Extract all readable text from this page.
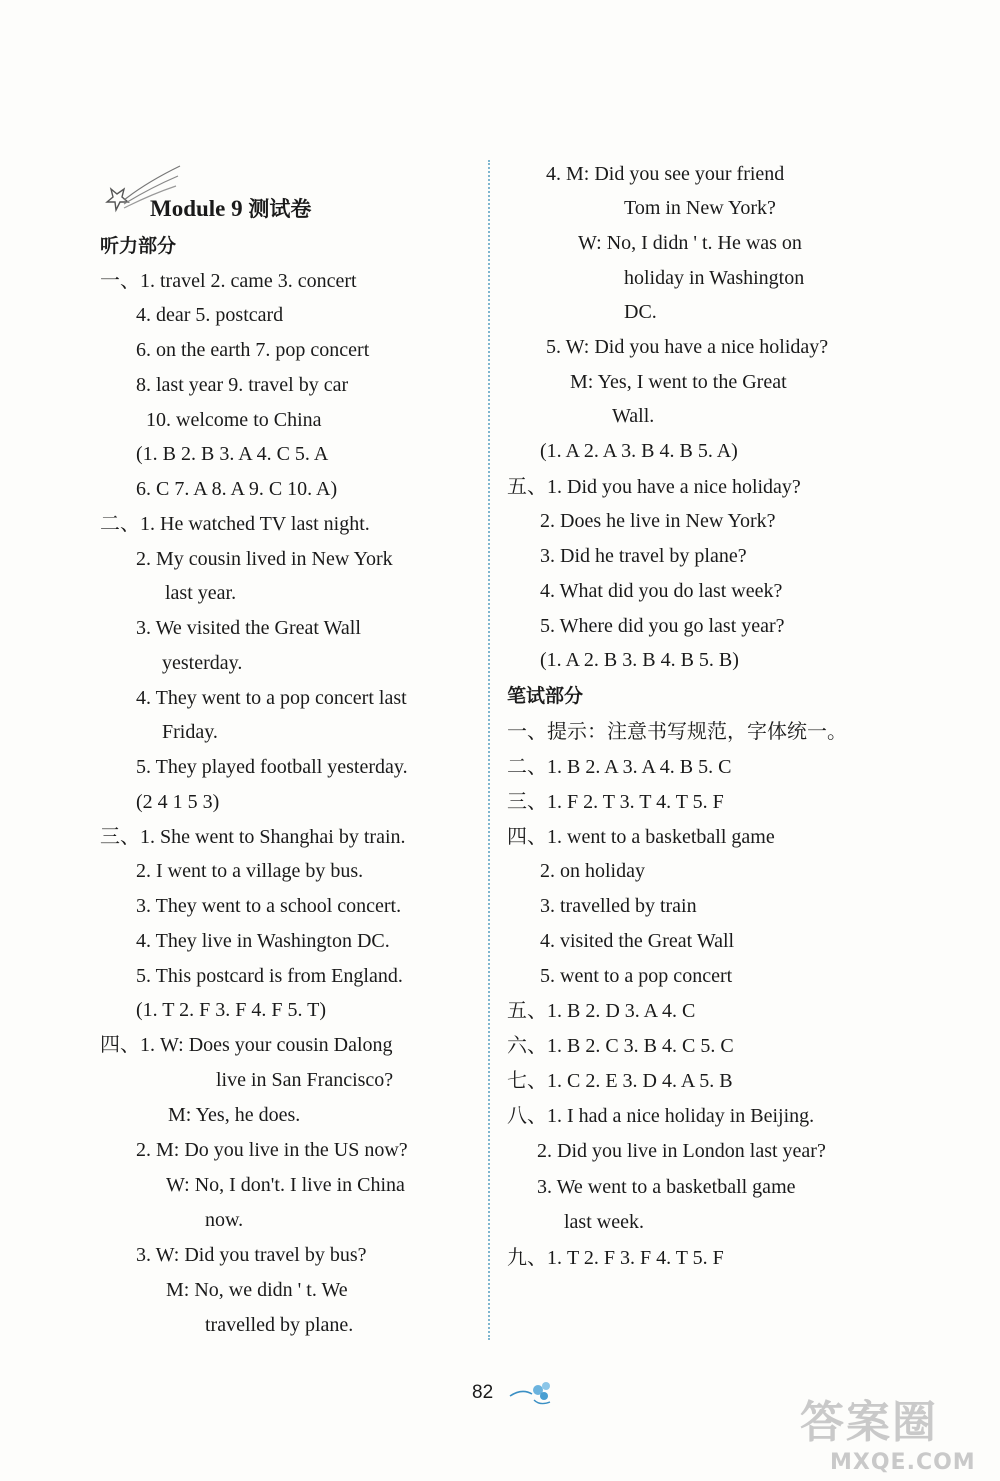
Module 9 测试卷
听力部分
一、1. travel 2. came 3. concert
4. dear 5. postcard
6. on the earth 7. pop concert
8. last year 9. travel by car
10. welcome to China
(1. B 2. B 3. A 4. C 5. A
6. C 7. A 8. A 9. C 10. A)
二、1. He watched TV last night.
2. My cousin lived in New York
last year.
3. We visited the Great Wall
yesterday.
4. They went to a pop concert last
Friday.
5. They played football yesterday.
(2 4 1 5 3)
三、1. She went to Shanghai by train.
2. I went to a village by bus.
3. They went to a school concert.
4. They live in Washington DC.
5. This postcard is from England.
(1. T 2. F 3. F 4. F 5. T)
四、1. W: Does your cousin Dalong
live in San Francisco?
M: Yes, he does.
2. M: Do you live in the US now?
W: No, I don't. I live in China
now.
3. W: Did you travel by bus?
M: No, we didn ' t. We
travelled by plane.
4. M: Did you see your friend
Tom in New York?
W: No, I didn ' t. He was on
holiday in Washington
DC.
5. W: Did you have a nice holiday?
M: Yes, I went to the Great
Wall.
(1. A 2. A 3. B 4. B 5. A)
五、1. Did you have a nice holiday?
2. Does he live in New York?
3. Did he travel by plane?
4. What did you do last week?
5. Where did you go last year?
(1. A 2. B 3. B 4. B 5. B)
笔试部分
一、提示：注意书写规范，字体统一。
二、1. B 2. A 3. A 4. B 5. C
三、1. F 2. T 3. T 4. T 5. F
四、1. went to a basketball game
2. on holiday
3. travelled by train
4. visited the Great Wall
5. went to a pop concert
五、1. B 2. D 3. A 4. C
六、1. B 2. C 3. B 4. C 5. C
七、1. C 2. E 3. D 4. A 5. B
八、1. I had a nice holiday in Beijing.
2. Did you live in London last year?
3. We went to a basketball game
last week.
九、1. T 2. F 3. F 4. T 5. F
82
答案圈
MXQE.COM
